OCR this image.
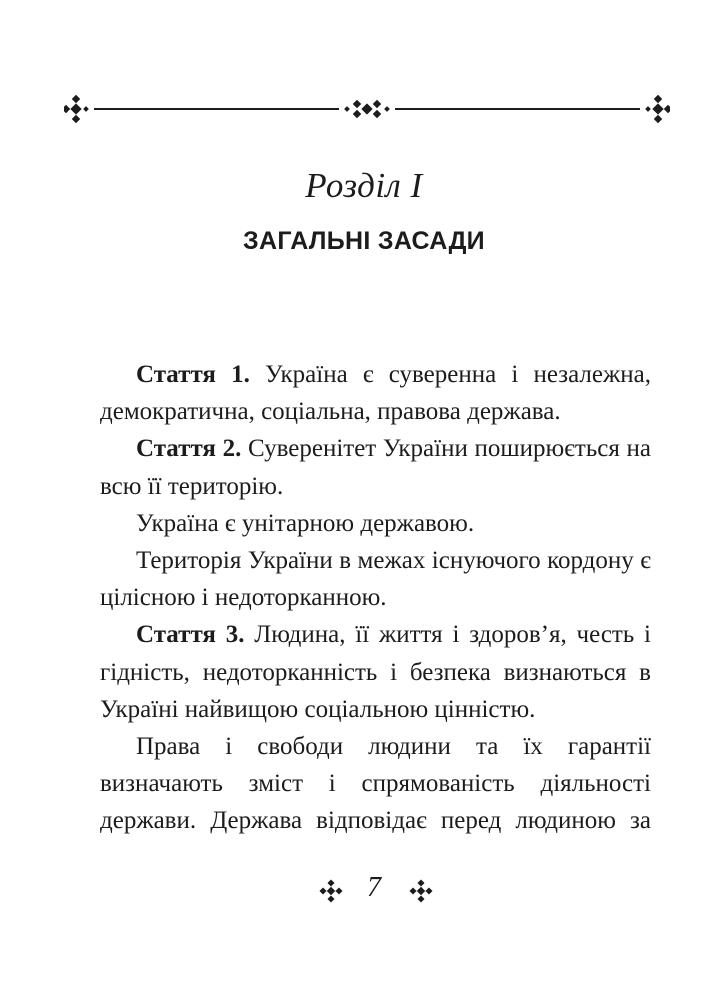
Розділ I
ЗАГАЛЬНІ ЗАСАДИ

Стаття 1. Україна є суверенна і незалежна, демократична, соціальна, правова держава.

Стаття 2. Суверенітет України поширюється на всю її територію.

Україна є унітарною державою.

Територія України в межах існуючого кордону є цілісною і недоторканною.

Стаття 3. Людина, її життя і здоров’я, честь і гідність, недоторканність і безпека визнаються в Україні найвищою соціальною цінністю.

Права і свободи людини та їх гарантії визначають зміст і спрямованість діяльності держави. Держава відповідає перед людиною за

7
